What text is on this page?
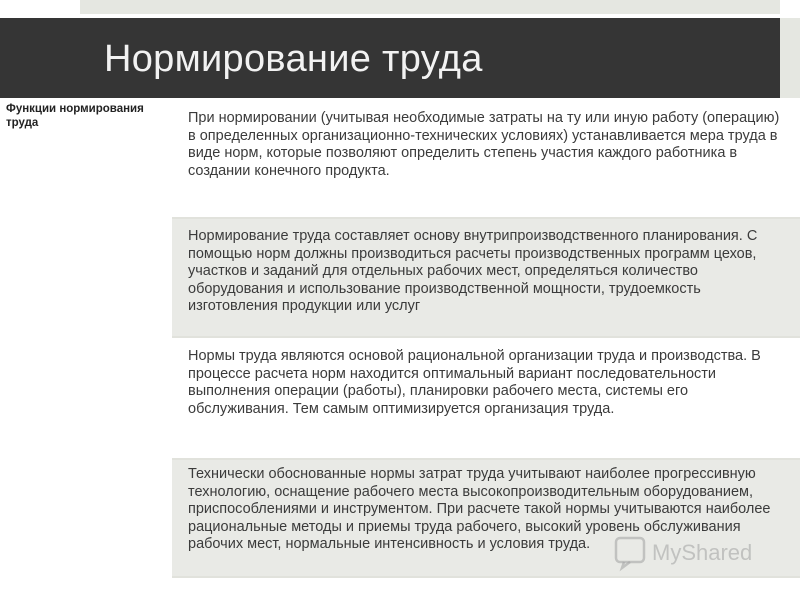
Нормирование труда
Функции нормирования труда	При нормировании (учитывая необходимые затраты на ту или иную работу (операцию) в определенных организационно-технических условиях) устанавливается мера труда в виде норм, которые позволяют определить степень участия каждого работника в создании конечного продукта.
Нормирование труда составляет основу внутрипроизводственного планирования. С помощью норм должны производиться расчеты производственных программ цехов, участков и заданий для отдельных рабочих мест, определяться количество оборудования и использование производственной мощности, трудоемкость изготовления продукции или услуг
Нормы труда являются основой рациональной организации труда и производства. В процессе расчета норм находится оптимальный вариант последовательности выполнения операции (работы), планировки рабочего места, системы его обслуживания. Тем самым оптимизируется организация труда.
Технически обоснованные нормы затрат труда учитывают наиболее прогрессивную технологию, оснащение рабочего места высокопроизводительным оборудованием, приспособлениями и инструментом. При расчете такой нормы учитываются наиболее рациональные методы и приемы труда рабочего, высокий уровень обслуживания рабочих мест, нормальные интенсивность и условия труда.	MyShared
